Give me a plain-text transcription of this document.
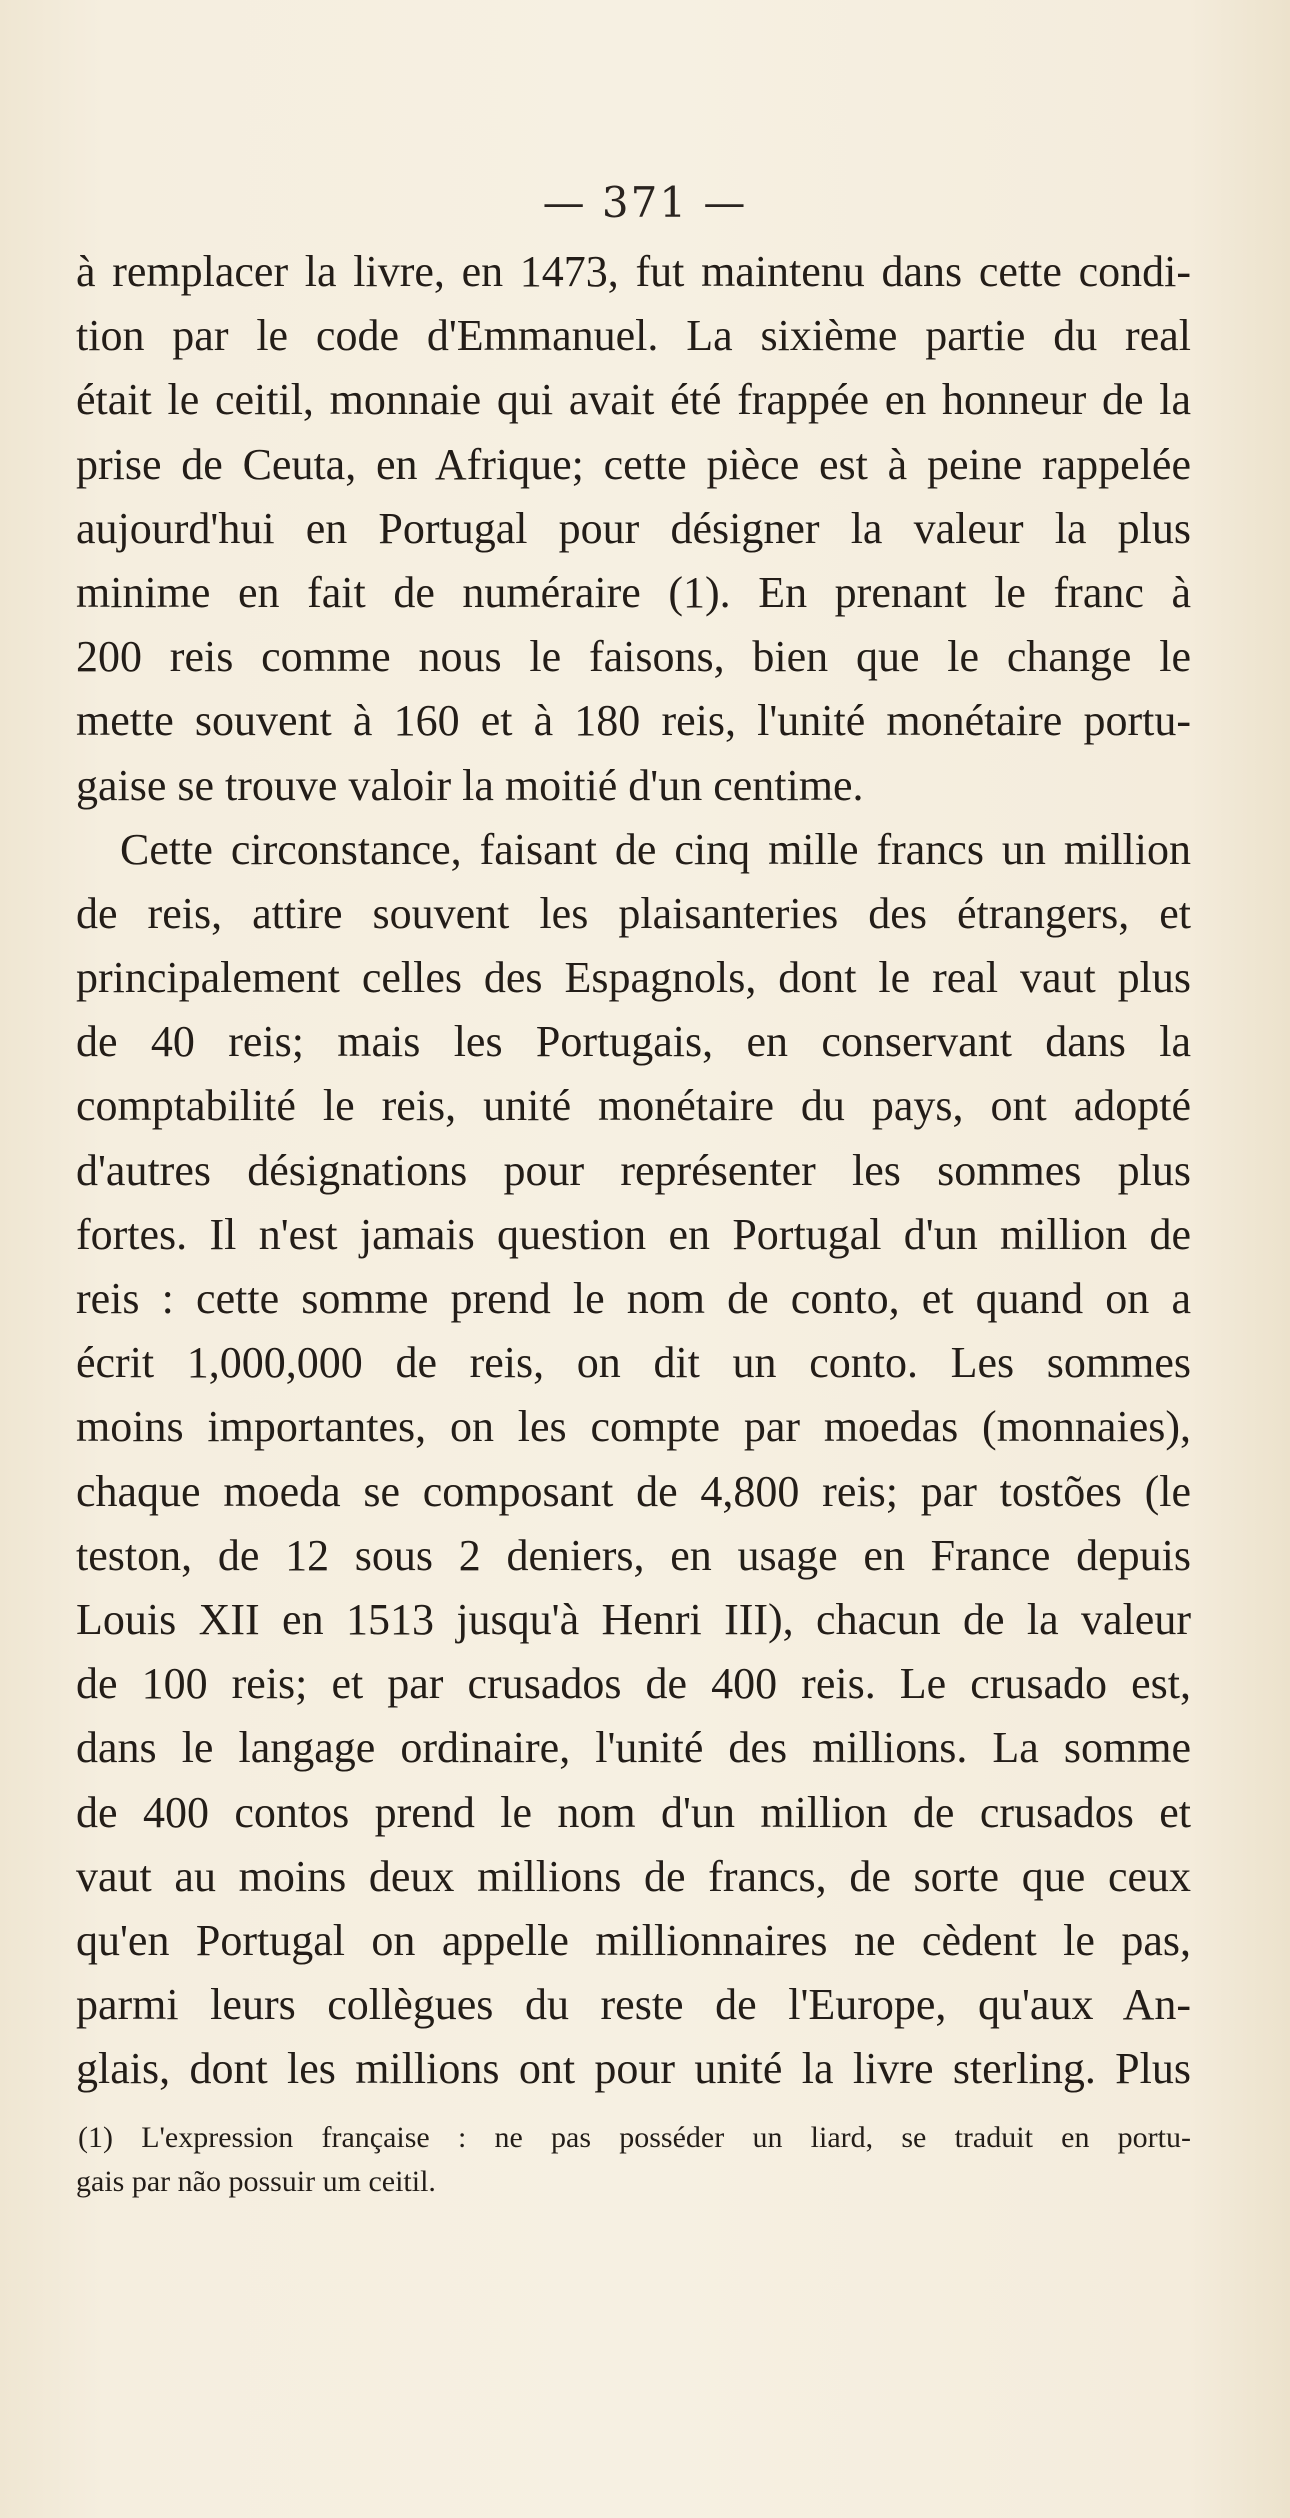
— 371 —
à remplacer la livre, en 1473, fut maintenu dans cette condi-
tion par le code d'Emmanuel. La sixième partie du real
était le ceitil, monnaie qui avait été frappée en honneur de la
prise de Ceuta, en Afrique; cette pièce est à peine rappelée
aujourd'hui en Portugal pour désigner la valeur la plus
minime en fait de numéraire (1). En prenant le franc à
200 reis comme nous le faisons, bien que le change le
mette souvent à 160 et à 180 reis, l'unité monétaire portu-
gaise se trouve valoir la moitié d'un centime.
Cette circonstance, faisant de cinq mille francs un million
de reis, attire souvent les plaisanteries des étrangers, et
principalement celles des Espagnols, dont le real vaut plus
de 40 reis; mais les Portugais, en conservant dans la
comptabilité le reis, unité monétaire du pays, ont adopté
d'autres désignations pour représenter les sommes plus
fortes. Il n'est jamais question en Portugal d'un million de
reis : cette somme prend le nom de conto, et quand on a
écrit 1,000,000 de reis, on dit un conto. Les sommes
moins importantes, on les compte par moedas (monnaies),
chaque moeda se composant de 4,800 reis; par tostões (le
teston, de 12 sous 2 deniers, en usage en France depuis
Louis XII en 1513 jusqu'à Henri III), chacun de la valeur
de 100 reis; et par crusados de 400 reis. Le crusado est,
dans le langage ordinaire, l'unité des millions. La somme
de 400 contos prend le nom d'un million de crusados et
vaut au moins deux millions de francs, de sorte que ceux
qu'en Portugal on appelle millionnaires ne cèdent le pas,
parmi leurs collègues du reste de l'Europe, qu'aux An-
glais, dont les millions ont pour unité la livre sterling. Plus
(1) L'expression française : ne pas posséder un liard, se traduit en portu-
gais par não possuir um ceitil.
